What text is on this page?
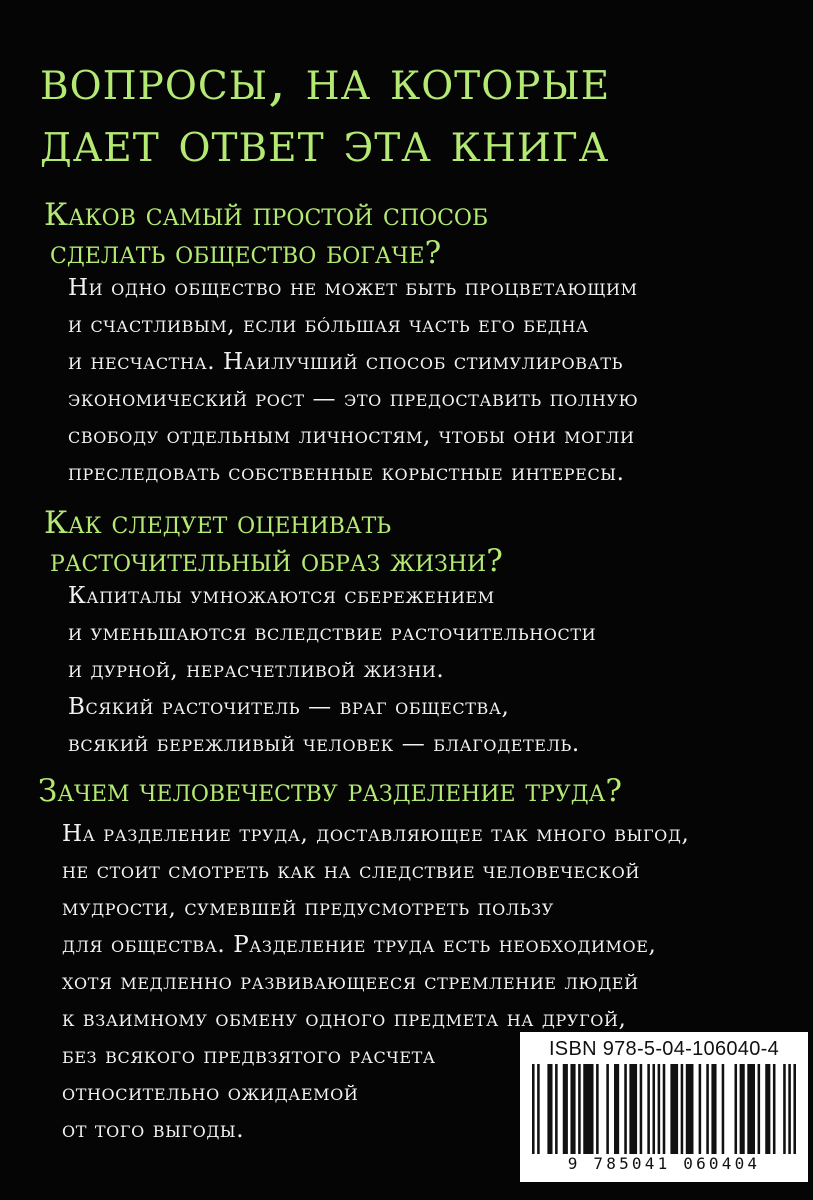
вопросы, на которые
дает ответ эта книга
Каков самый простой способ
сделать общество богаче?
Ни одно общество не может быть процветающим
и счастливым, если бóльшая часть его бедна
и несчастна. Наилучший способ стимулировать
экономический рост — это предоставить полную
свободу отдельным личностям, чтобы они могли
преследовать собственные корыстные интересы.
Как следует оценивать
расточительный образ жизни?
Капиталы умножаются сбережением
и уменьшаются вследствие расточительности
и дурной, нерасчетливой жизни.
Всякий расточитель — враг общества,
всякий бережливый человек — благодетель.
Зачем человечеству разделение труда?
На разделение труда, доставляющее так много выгод,
не стоит смотреть как на следствие человеческой
мудрости, сумевшей предусмотреть пользу
для общества. Разделение труда есть необходимое,
хотя медленно развивающееся стремление людей
к взаимному обмену одного предмета на другой,
без всякого предвзятого расчета
относительно ожидаемой
от того выгоды.
ISBN 978-5-04-106040-4
9 785041 060404
